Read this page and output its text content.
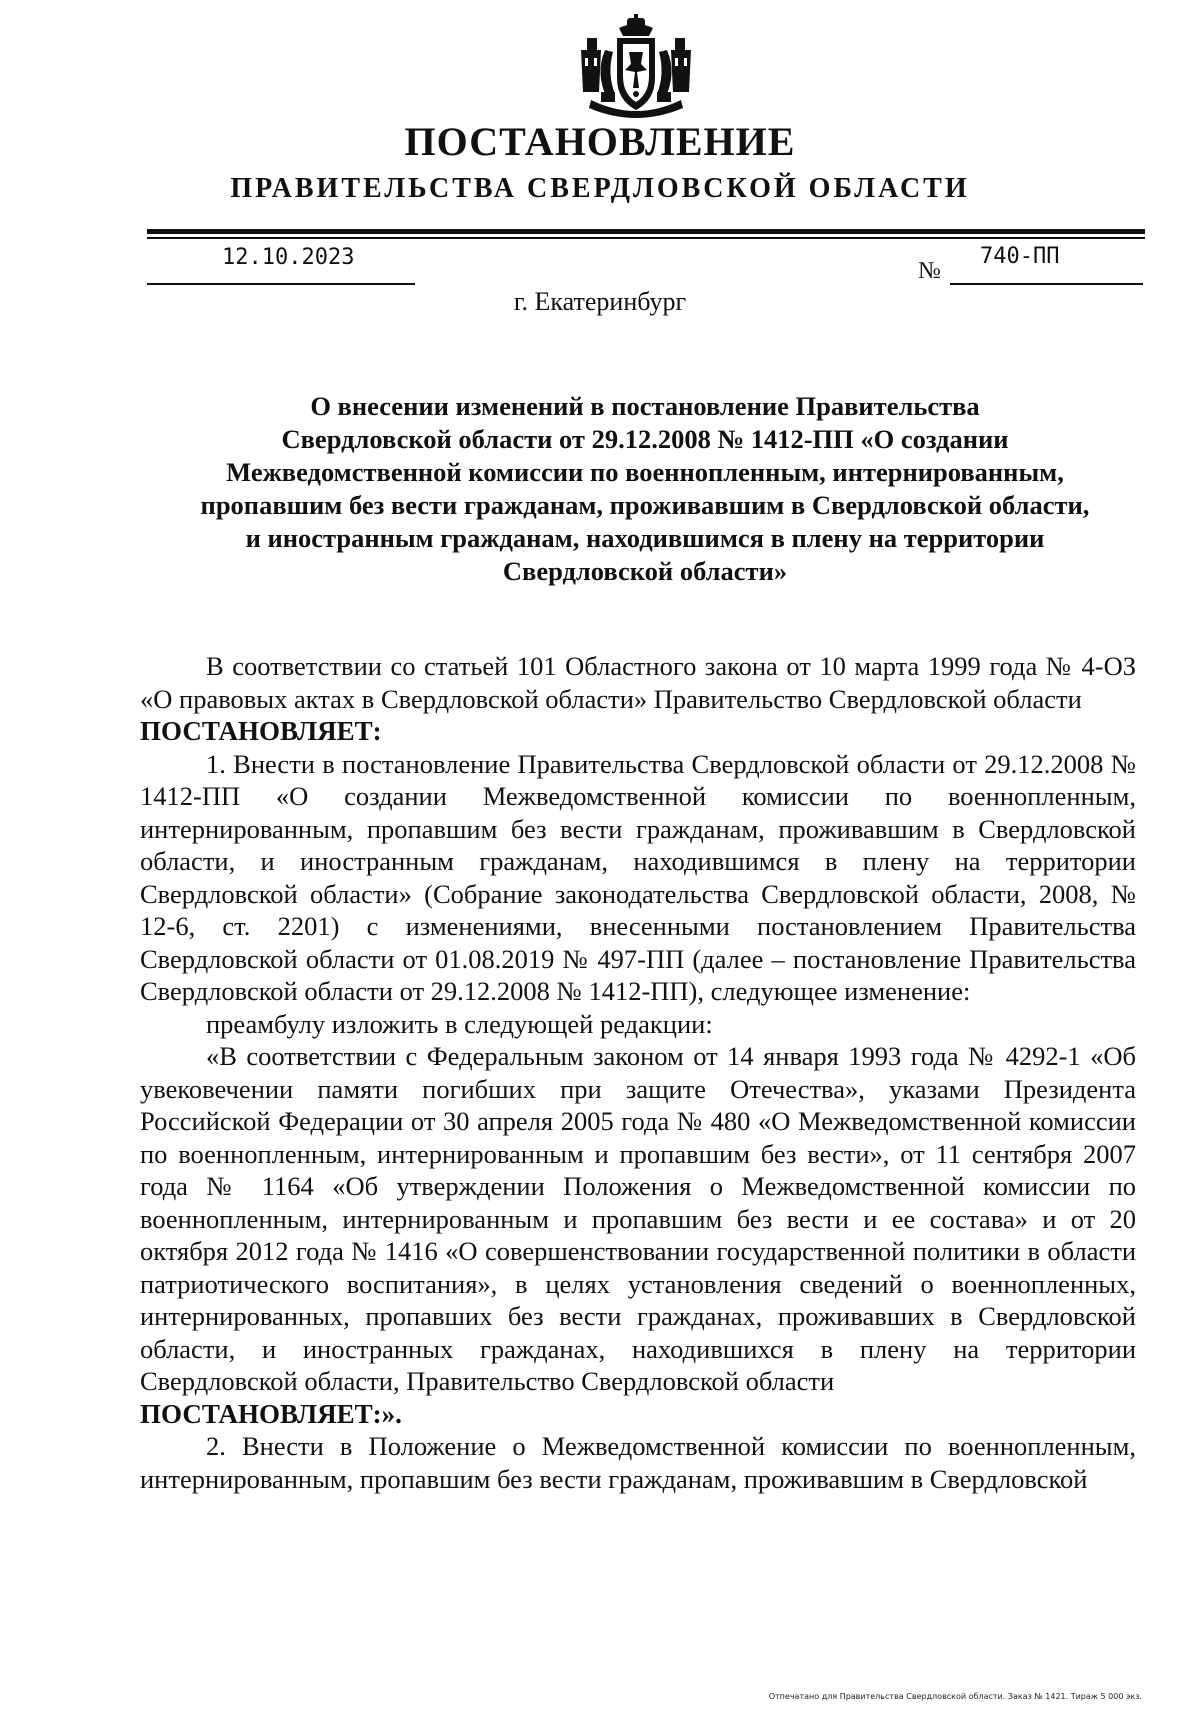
ПОСТАНОВЛЕНИЕ
ПРАВИТЕЛЬСТВА СВЕРДЛОВСКОЙ ОБЛАСТИ
12.10.2023
№
740-ПП
г. Екатеринбург
О внесении изменений в постановление Правительства
Свердловской области от 29.12.2008 № 1412-ПП «О создании
Межведомственной комиссии по военнопленным, интернированным,
пропавшим без вести гражданам, проживавшим в Свердловской области,
и иностранным гражданам, находившимся в плену на территории
Свердловской области»

В соответствии со статьей 101 Областного закона от 10 марта 1999 года № 4-ОЗ «О правовых актах в Свердловской области» Правительство Свердловской области

ПОСТАНОВЛЯЕТ:

1. Внести в постановление Правительства Свердловской области от 29.12.2008 № 1412-ПП «О создании Межведомственной комиссии по военнопленным, интернированным, пропавшим без вести гражданам, проживавшим в Свердловской области, и иностранным гражданам, находившимся в плену на территории Свердловской области» (Собрание законодательства Свердловской области, 2008, № 12-6, ст. 2201) с изменениями, внесенными постановлением Правительства Свердловской области от 01.08.2019 № 497-ПП (далее – постановление Правительства Свердловской области от 29.12.2008 № 1412-ПП), следующее изменение:

преамбулу изложить в следующей редакции:

«В соответствии с Федеральным законом от 14 января 1993 года № 4292-1 «Об увековечении памяти погибших при защите Отечества», указами Президента Российской Федерации от 30 апреля 2005 года № 480 «О Межведомственной комиссии по военнопленным, интернированным и пропавшим без вести», от 11 сентября 2007 года № 1164 «Об утверждении Положения о Межведомственной комиссии по военнопленным, интернированным и пропавшим без вести и ее состава» и от 20 октября 2012 года № 1416 «О совершенствовании государственной политики в области патриотического воспитания», в целях установления сведений о военнопленных, интернированных, пропавших без вести гражданах, проживавших в Свердловской области, и иностранных гражданах, находившихся в плену на территории Свердловской области, Правительство Свердловской области

ПОСТАНОВЛЯЕТ:».

2. Внести в Положение о Межведомственной комиссии по военнопленным, интернированным, пропавшим без вести гражданам, проживавшим в Свердловской

Отпечатано для Правительства Свердловской области. Заказ № 1421. Тираж 5 000 экз.
